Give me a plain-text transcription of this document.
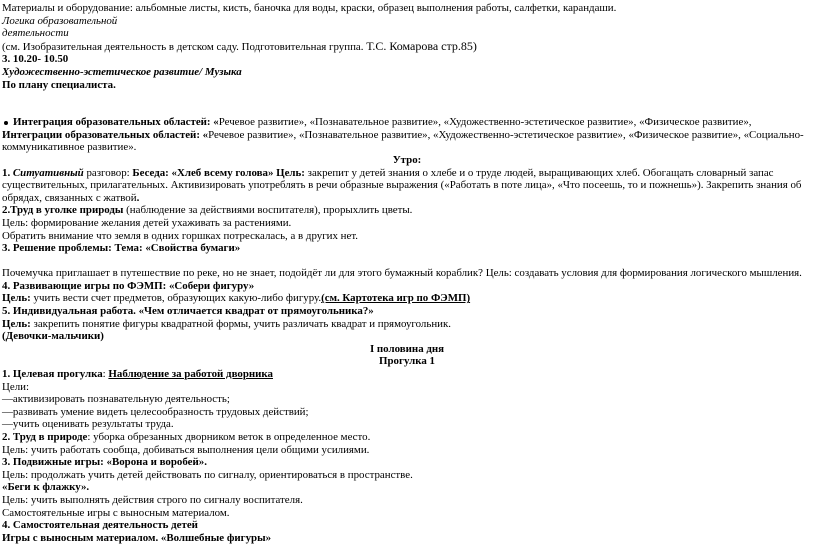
Материалы и оборудование: альбомные листы, кисть, баночка для воды, краски, образец выполнения работы, салфетки, карандаши.
Логика образовательной
деятельности
(см. Изобразительная деятельность в детском саду. Подготовительная группа. Т.С. Комарова стр.85)
3. 10.20- 10.50
Художественно-эстетическое развитие/ Музыка
По плану специалиста.
Интеграция образовательных областей: «Речевое развитие», «Познавательное развитие», «Художественно-эстетическое развитие», «Физическое развитие»,
Интеграции образовательных областей: «Речевое развитие», «Познавательное развитие», «Художественно-эстетическое развитие», «Физическое развитие», «Социально-коммуникативное развитие».
Утро:
1. Ситуативный разговор: Беседа: «Хлеб всему голова» Цель: закрепит у детей знания о хлебе и о труде людей, выращивающих хлеб. Обогащать словарный запас существительных, прилагательных. Активизировать употреблять в речи образные выражения («Работать в поте лица», «Что посеешь, то и пожнешь»). Закрепить знания об обрядах, связанных с жатвой.
2.Труд в уголке природы (наблюдение за действиями воспитателя), прорыхлить цветы.
Цель: формирование желания детей ухаживать за растениями.
Обратить внимание что земля в одних горшках потрескалась, а в других нет.
3. Решение проблемы: Тема: «Свойства бумаги»
Почемучка приглашает в путешествие по реке, но не знает, подойдёт ли для этого бумажный кораблик? Цель: создавать условия для формирования логического мышления.
4. Развивающие игры по ФЭМП: «Собери фигуру»
Цель: учить вести счет предметов, образующих какую-либо фигуру.(см. Картотека игр по ФЭМП)
5. Индивидуальная работа. «Чем отличается квадрат от прямоугольника?»
Цель: закрепить понятие фигуры квадратной формы, учить различать квадрат и прямоугольник.
(Девочки-мальчики)
I половина дня
Прогулка 1
1. Целевая прогулка: Наблюдение за работой дворника
Цели:
—активизировать познавательную деятельность;
—развивать умение видеть целесообразность трудовых действий;
—учить оценивать результаты труда.
2. Труд в природе: уборка обрезанных дворником веток в определенное место.
Цель: учить работать сообща, добиваться выполнения цели общими усилиями.
3. Подвижные игры: «Ворона и воробей».
Цель: продолжать учить детей действовать по сигналу, ориентироваться в пространстве.
«Беги к флажку».
Цель: учить выполнять действия строго по сигналу воспитателя.
Самостоятельные игры с выносным материалом.
4. Самостоятельная деятельность детей
Игры с выносным материалом. «Волшебные фигуры»
